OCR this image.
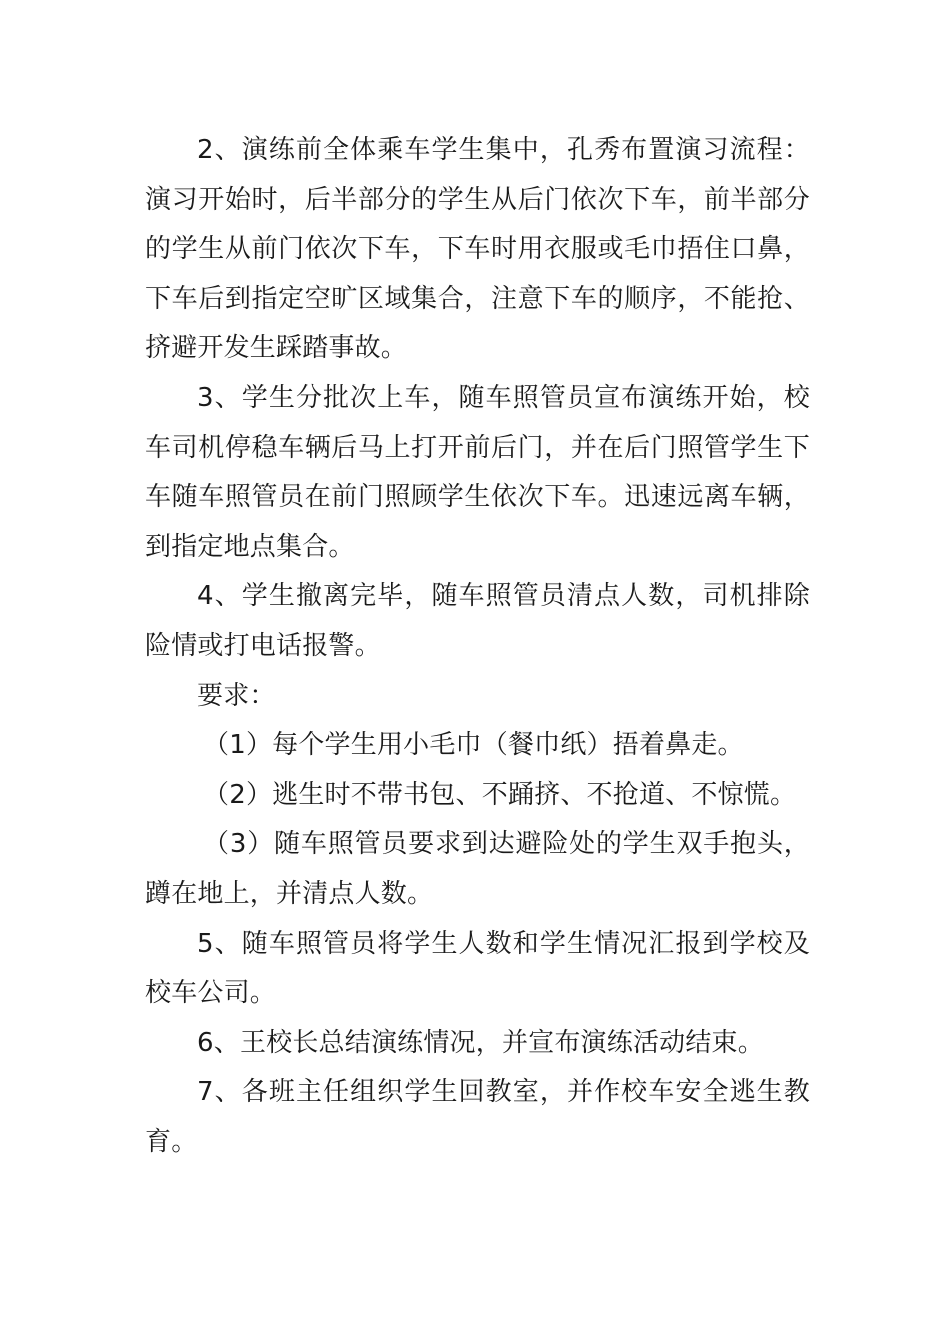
2、演练前全体乘车学生集中，孔秀布置演习流程：演习开始时，后半部分的学生从后门依次下车，前半部分的学生从前门依次下车，下车时用衣服或毛巾捂住口鼻，下车后到指定空旷区域集合，注意下车的顺序，不能抢、挤避开发生踩踏事故。

3、学生分批次上车，随车照管员宣布演练开始，校车司机停稳车辆后马上打开前后门，并在后门照管学生下车随车照管员在前门照顾学生依次下车。迅速远离车辆，到指定地点集合。

4、学生撤离完毕，随车照管员清点人数，司机排除险情或打电话报警。

要求：

（1）每个学生用小毛巾（餐巾纸）捂着鼻走。

（2）逃生时不带书包、不踊挤、不抢道、不惊慌。

（3）随车照管员要求到达避险处的学生双手抱头，蹲在地上，并清点人数。

5、随车照管员将学生人数和学生情况汇报到学校及校车公司。

6、王校长总结演练情况，并宣布演练活动结束。

7、各班主任组织学生回教室，并作校车安全逃生教育。
